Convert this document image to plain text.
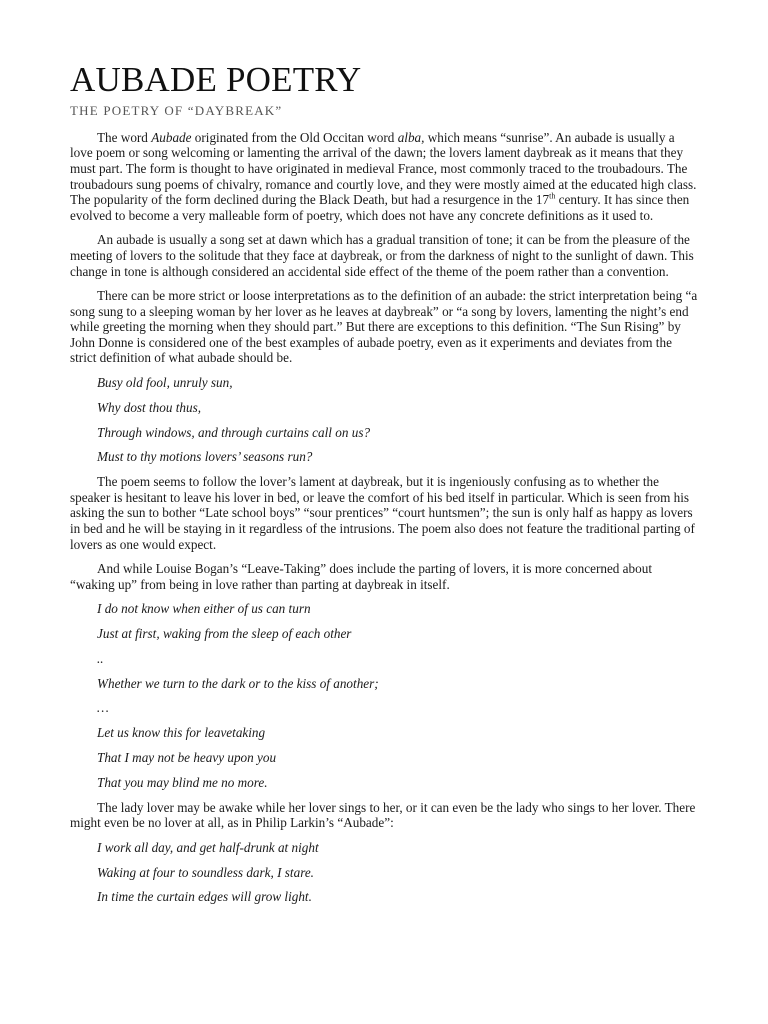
AUBADE POETRY
THE POETRY OF “DAYBREAK”

The word Aubade originated from the Old Occitan word alba, which means “sunrise”. An aubade is usually a love poem or song welcoming or lamenting the arrival of the dawn; the lovers lament daybreak as it means that they must part. The form is thought to have originated in medieval France, most commonly traced to the troubadours. The troubadours sung poems of chivalry, romance and courtly love, and they were mostly aimed at the educated high class. The popularity of the form declined during the Black Death, but had a resurgence in the 17th century. It has since then evolved to become a very malleable form of poetry, which does not have any concrete definitions as it used to.

An aubade is usually a song set at dawn which has a gradual transition of tone; it can be from the pleasure of the meeting of lovers to the solitude that they face at daybreak, or from the darkness of night to the sunlight of dawn. This change in tone is although considered an accidental side effect of the theme of the poem rather than a convention.

There can be more strict or loose interpretations as to the definition of an aubade: the strict interpretation being “a song sung to a sleeping woman by her lover as he leaves at daybreak” or “a song by lovers, lamenting the night’s end while greeting the morning when they should part.” But there are exceptions to this definition. “The Sun Rising” by John Donne is considered one of the best examples of aubade poetry, even as it experiments and deviates from the strict definition of what aubade should be.

Busy old fool, unruly sun,

Why dost thou thus,

Through windows, and through curtains call on us?

Must to thy motions lovers’ seasons run?

The poem seems to follow the lover’s lament at daybreak, but it is ingeniously confusing as to whether the speaker is hesitant to leave his lover in bed, or leave the comfort of his bed itself in particular. Which is seen from his asking the sun to bother “Late school boys” “sour prentices” “court huntsmen”; the sun is only half as happy as lovers in bed and he will be staying in it regardless of the intrusions. The poem also does not feature the traditional parting of lovers as one would expect.

And while Louise Bogan’s “Leave-Taking” does include the parting of lovers, it is more concerned about “waking up” from being in love rather than parting at daybreak in itself.

I do not know when either of us can turn

Just at first, waking from the sleep of each other

..

Whether we turn to the dark or to the kiss of another;

…

Let us know this for leavetaking

That I may not be heavy upon you

That you may blind me no more.

The lady lover may be awake while her lover sings to her, or it can even be the lady who sings to her lover. There might even be no lover at all, as in Philip Larkin’s “Aubade”:

I work all day, and get half-drunk at night

Waking at four to soundless dark, I stare.

In time the curtain edges will grow light.
